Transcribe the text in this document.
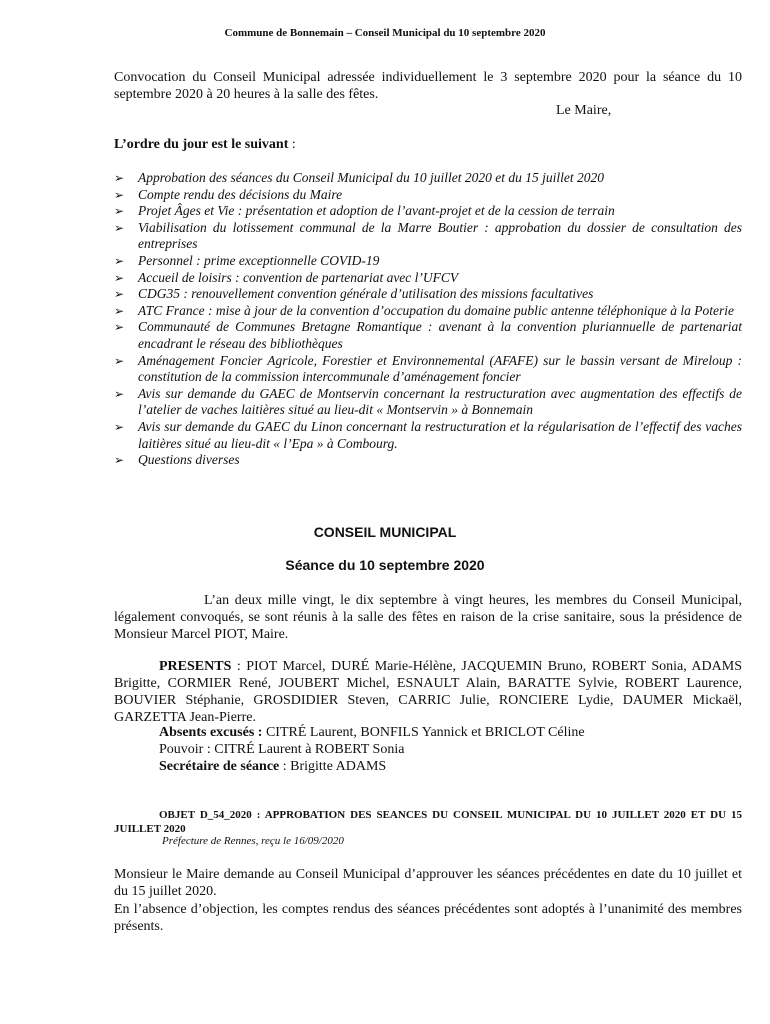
Commune de Bonnemain – Conseil Municipal du 10 septembre 2020
Convocation du Conseil Municipal adressée individuellement le 3 septembre 2020 pour la séance du 10 septembre 2020 à 20 heures à la salle des fêtes.
Le Maire,
L’ordre du jour est le suivant :
➢ Approbation des séances du Conseil Municipal du 10 juillet 2020 et du 15 juillet 2020
➢ Compte rendu des décisions du Maire
➢ Projet Âges et Vie : présentation et adoption de l’avant-projet et de la cession de terrain
➢ Viabilisation du lotissement communal de la Marre Boutier : approbation du dossier de consultation des entreprises
➢ Personnel : prime exceptionnelle COVID-19
➢ Accueil de loisirs : convention de partenariat avec l’UFCV
➢ CDG35 : renouvellement convention générale d’utilisation des missions facultatives
➢ ATC France : mise à jour de la convention d’occupation du domaine public antenne téléphonique à la Poterie
➢ Communauté de Communes Bretagne Romantique : avenant à la convention pluriannuelle de partenariat encadrant le réseau des bibliothèques
➢ Aménagement Foncier Agricole, Forestier et Environnemental (AFAFE) sur le bassin versant de Mireloup : constitution de la commission intercommunale d’aménagement foncier
➢ Avis sur demande du GAEC de Montservin concernant la restructuration avec augmentation des effectifs de l’atelier de vaches laitières situé au lieu-dit « Montservin » à Bonnemain
➢ Avis sur demande du GAEC du Linon concernant la restructuration et la régularisation de l’effectif des vaches laitières situé au lieu-dit « l’Epa » à Combourg.
➢ Questions diverses
CONSEIL MUNICIPAL
Séance du 10 septembre 2020
L’an deux mille vingt, le dix septembre à vingt heures, les membres du Conseil Municipal, légalement convoqués, se sont réunis à la salle des fêtes en raison de la crise sanitaire, sous la présidence de Monsieur Marcel PIOT, Maire.
PRESENTS : PIOT Marcel, DURÉ Marie-Hélène, JACQUEMIN Bruno, ROBERT Sonia, ADAMS Brigitte, CORMIER René, JOUBERT Michel, ESNAULT Alain, BARATTE Sylvie, ROBERT Laurence, BOUVIER Stéphanie, GROSDIDIER Steven, CARRIC Julie, RONCIERE Lydie, DAUMER Mickaël, GARZETTA Jean-Pierre.
Absents excusés : CITRÉ Laurent, BONFILS Yannick et BRICLOT Céline
Pouvoir : CITRÉ Laurent à ROBERT Sonia
Secrétaire de séance : Brigitte ADAMS
OBJET D_54_2020 : APPROBATION DES SEANCES DU CONSEIL MUNICIPAL DU 10 JUILLET 2020 ET DU 15 JUILLET 2020
Préfecture de Rennes, reçu le 16/09/2020
Monsieur le Maire demande au Conseil Municipal d’approuver les séances précédentes en date du 10 juillet et du 15 juillet 2020.
En l’absence d’objection, les comptes rendus des séances précédentes sont adoptés à l’unanimité des membres présents.
